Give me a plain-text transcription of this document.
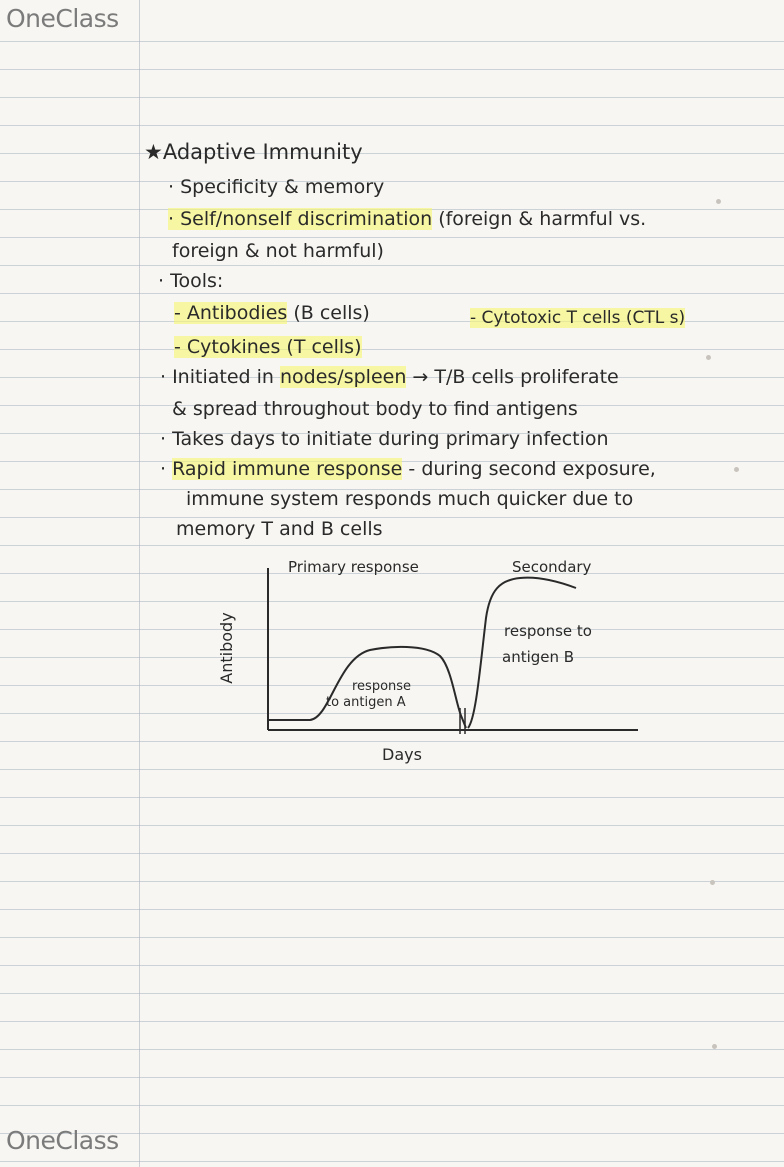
OneClass
OneClass
★Adaptive Immunity
· Specificity & memory
· Self/nonself discrimination (foreign & harmful vs.
foreign & not harmful)
· Tools:
- Antibodies (B cells)	- Cytotoxic T cells (CTL s)
- Cytokines (T cells)
· Initiated in nodes/spleen → T/B cells proliferate
& spread throughout body to find antigens
· Takes days to initiate during primary infection
· Rapid immune response - during second exposure,
immune system responds much quicker due to
memory T and B cells
Primary response	Secondary
Antibody
Days
response to antigen A
response to antigen B
